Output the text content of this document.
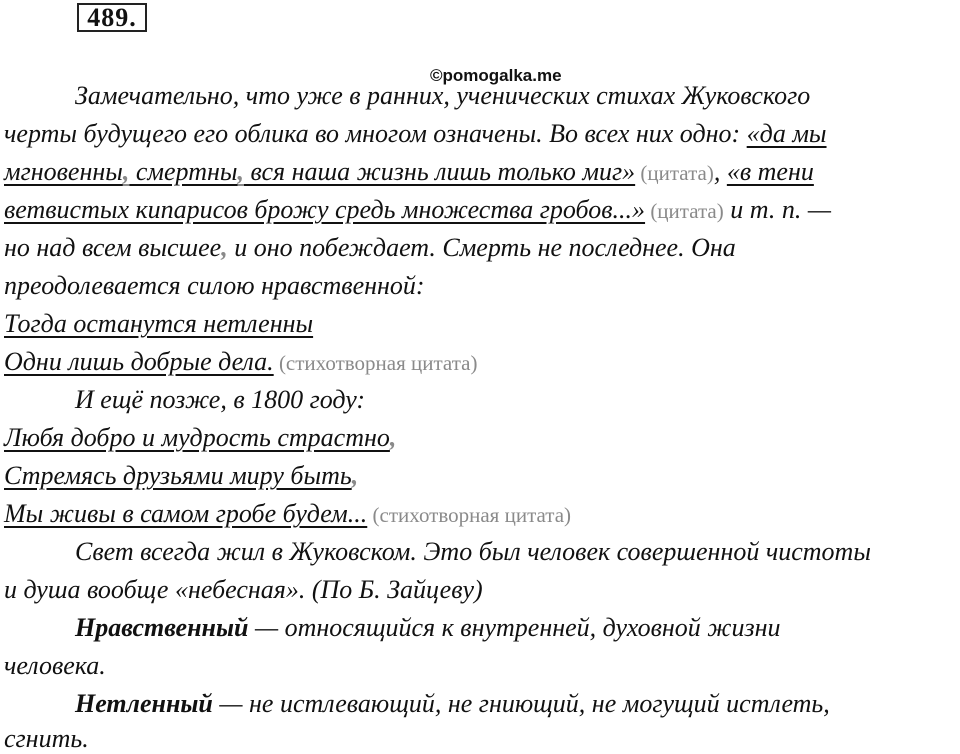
489.
©pomogalka.me
Замечательно, что уже в ранних, ученических стихах Жуковского
черты будущего его облика во многом означены. Во всех них одно: «да мы
мгновенны, смертны, вся наша жизнь лишь только миг» (цитата), «в тени
ветвистых кипарисов брожу средь множества гробов...» (цитата) и т. п. —
но над всем высшее, и оно побеждает. Смерть не последнее. Она
преодолевается силою нравственной:
Тогда останутся нетленны
Одни лишь добрые дела. (стихотворная цитата)
И ещё позже, в 1800 году:
Любя добро и мудрость страстно,
Стремясь друзьями миру быть,
Мы живы в самом гробе будем... (стихотворная цитата)
Свет всегда жил в Жуковском. Это был человек совершенной чистоты
и душа вообще «небесная». (По Б. Зайцеву)
Нравственный — относящийся к внутренней, духовной жизни
человека.
Нетленный — не истлевающий, не гниющий, не могущий истлеть,
сгнить.
